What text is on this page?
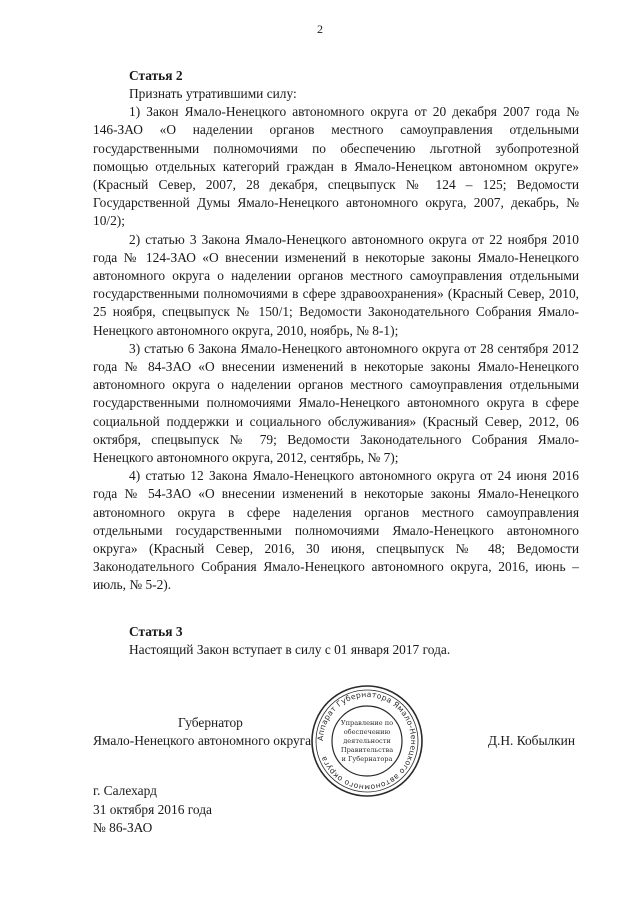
2
Статья 2

Признать утратившими силу:

1) Закон Ямало-Ненецкого автономного округа от 20 декабря 2007 года № 146-ЗАО «О наделении органов местного самоуправления отдельными государственными полномочиями по обеспечению льготной зубопротезной помощью отдельных категорий граждан в Ямало-Ненецком автономном округе» (Красный Север, 2007, 28 декабря, спецвыпуск № 124 – 125; Ведомости Государственной Думы Ямало-Ненецкого автономного округа, 2007, декабрь, № 10/2);

2) статью 3 Закона Ямало-Ненецкого автономного округа от 22 ноября 2010 года № 124-ЗАО «О внесении изменений в некоторые законы Ямало-Ненецкого автономного округа о наделении органов местного самоуправления отдельными государственными полномочиями в сфере здравоохранения» (Красный Север, 2010, 25 ноября, спецвыпуск № 150/1; Ведомости Законодательного Собрания Ямало-Ненецкого автономного округа, 2010, ноябрь, № 8-1);

3) статью 6 Закона Ямало-Ненецкого автономного округа от 28 сентября 2012 года № 84-ЗАО «О внесении изменений в некоторые законы Ямало-Ненецкого автономного округа о наделении органов местного самоуправления отдельными государственными полномочиями Ямало-Ненецкого автономного округа в сфере социальной поддержки и социального обслуживания» (Красный Север, 2012, 06 октября, спецвыпуск № 79; Ведомости Законодательного Собрания Ямало-Ненецкого автономного округа, 2012, сентябрь, № 7);

4) статью 12 Закона Ямало-Ненецкого автономного округа от 24 июня 2016 года № 54-ЗАО «О внесении изменений в некоторые законы Ямало-Ненецкого автономного округа в сфере наделения органов местного самоуправления отдельными государственными полномочиями Ямало-Ненецкого автономного округа» (Красный Север, 2016, 30 июня, спецвыпуск № 48; Ведомости Законодательного Собрания Ямало-Ненецкого автономного округа, 2016, июнь – июль, № 5-2).

Статья 3

Настоящий Закон вступает в силу с 01 января 2017 года.

Губернатор
Ямало-Ненецкого автономного округа	Д.Н. Кобылкин
Аппарат Губернатора Ямало-Ненецкого автономного округа
Управление по
обеспечению
деятельности
Правительства
и Губернатора
г. Салехард
31 октября 2016 года
№ 86-ЗАО
